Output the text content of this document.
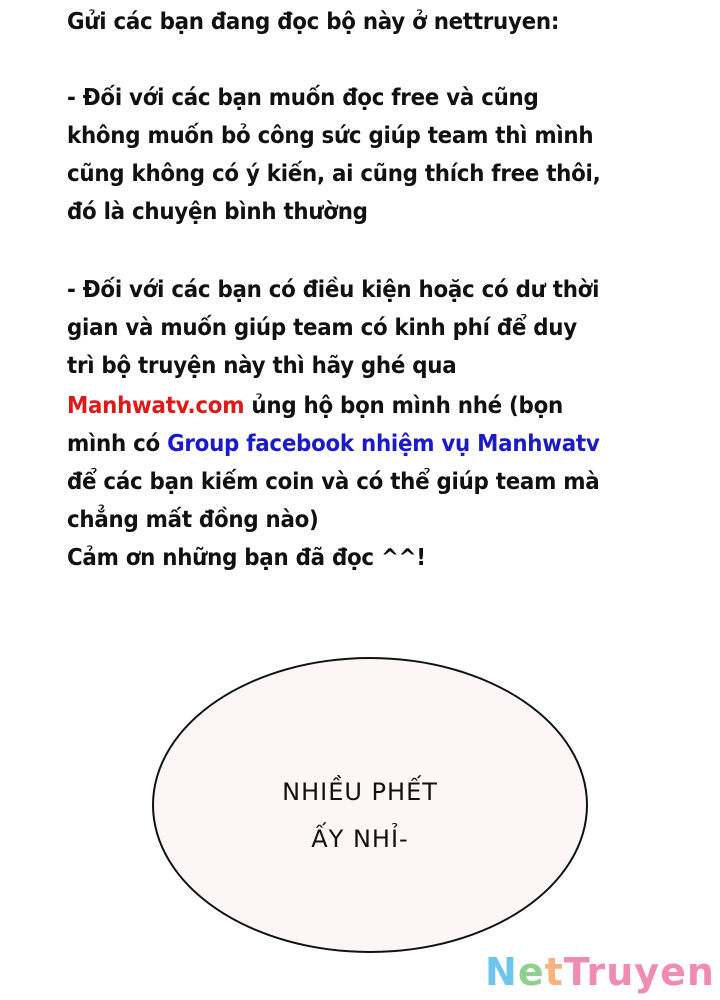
Gửi các bạn đang đọc bộ này ở nettruyen:
- Đối với các bạn muốn đọc free và cũng
không muốn bỏ công sức giúp team thì mình
cũng không có ý kiến, ai cũng thích free thôi,
đó là chuyện bình thường
- Đối với các bạn có điều kiện hoặc có dư thời
gian và muốn giúp team có kinh phí để duy
trì bộ truyện này thì hãy ghé qua
Manhwatv.com ủng hộ bọn mình nhé (bọn
mình có Group facebook nhiệm vụ Manhwatv
để các bạn kiếm coin và có thể giúp team mà
chẳng mất đồng nào)
Cảm ơn những bạn đã đọc ^^!
NHIỀU PHẾT
ẤY NHỈ-
NetTruyen
